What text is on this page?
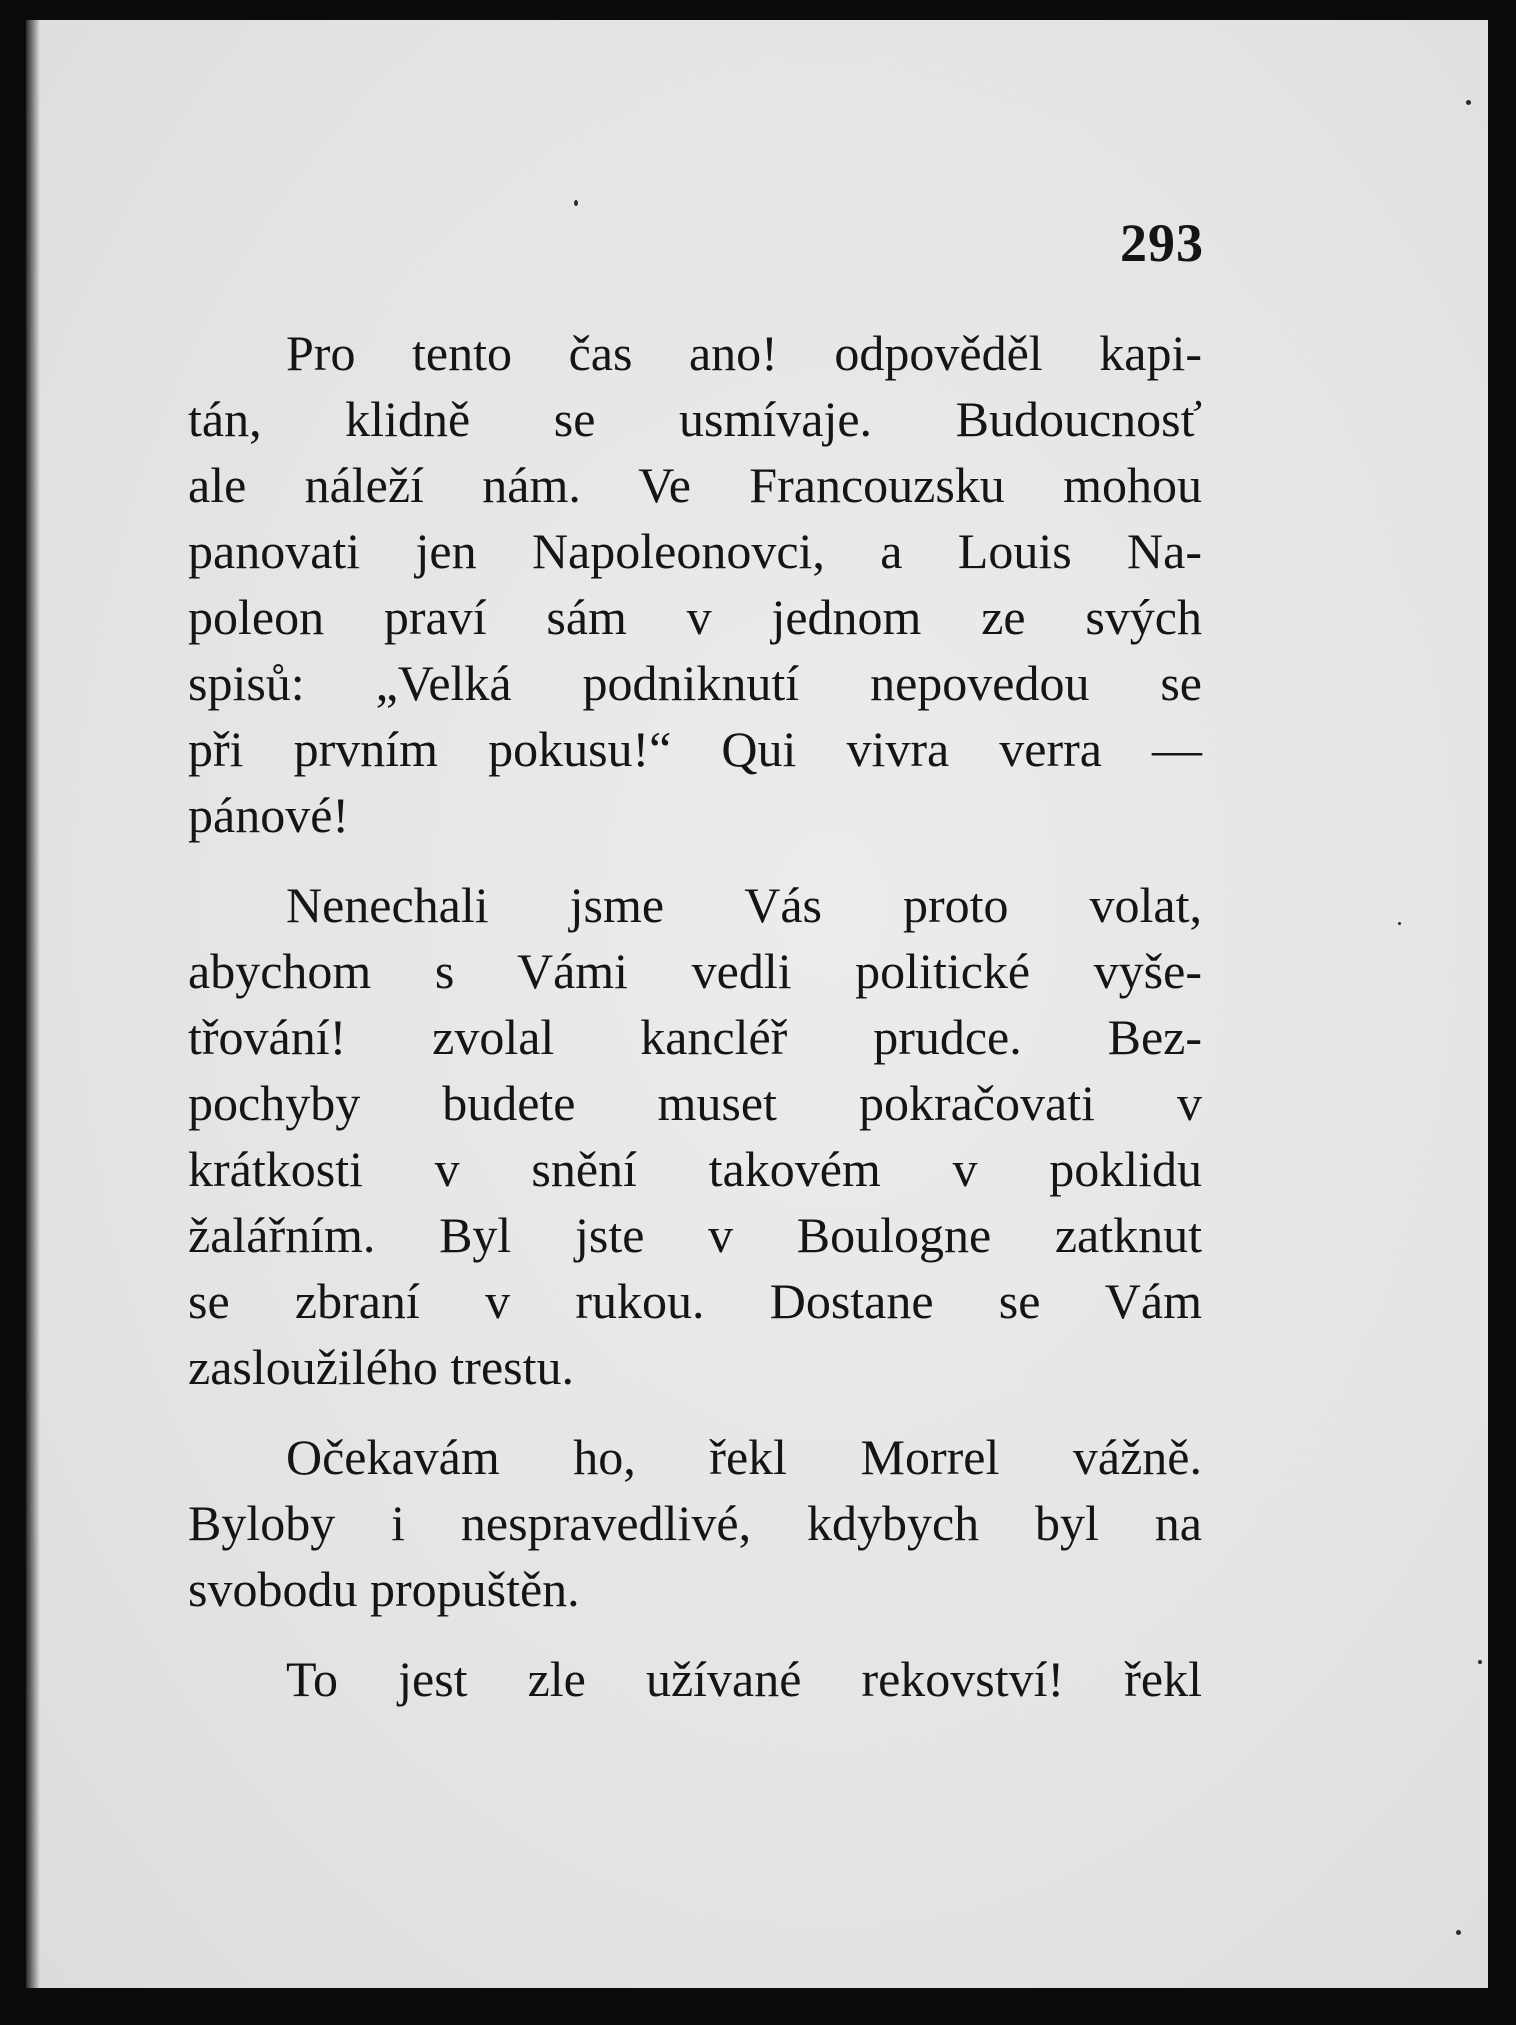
293

Pro tento čas ano! odpověděl kapi-
tán, klidně se usmívaje. Budoucnosť
ale náleží nám. Ve Francouzsku mohou
panovati jen Napoleonovci, a Louis Na-
poleon praví sám v jednom ze svých
spisů: „Velká podniknutí nepovedou se
při prvním pokusu!“ Qui vivra verra —
pánové!

Nenechali jsme Vás proto volat,
abychom s Vámi vedli politické vyše-
třování! zvolal kancléř prudce. Bez-
pochyby budete muset pokračovati v
krátkosti v snění takovém v poklidu
žalářním. Byl jste v Boulogne zatknut
se zbraní v rukou. Dostane se Vám
zasloužilého trestu.

Očekavám ho, řekl Morrel vážně.
Byloby i nespravedlivé, kdybych byl na
svobodu propuštěn.

To jest zle užívané rekovství! řekl
